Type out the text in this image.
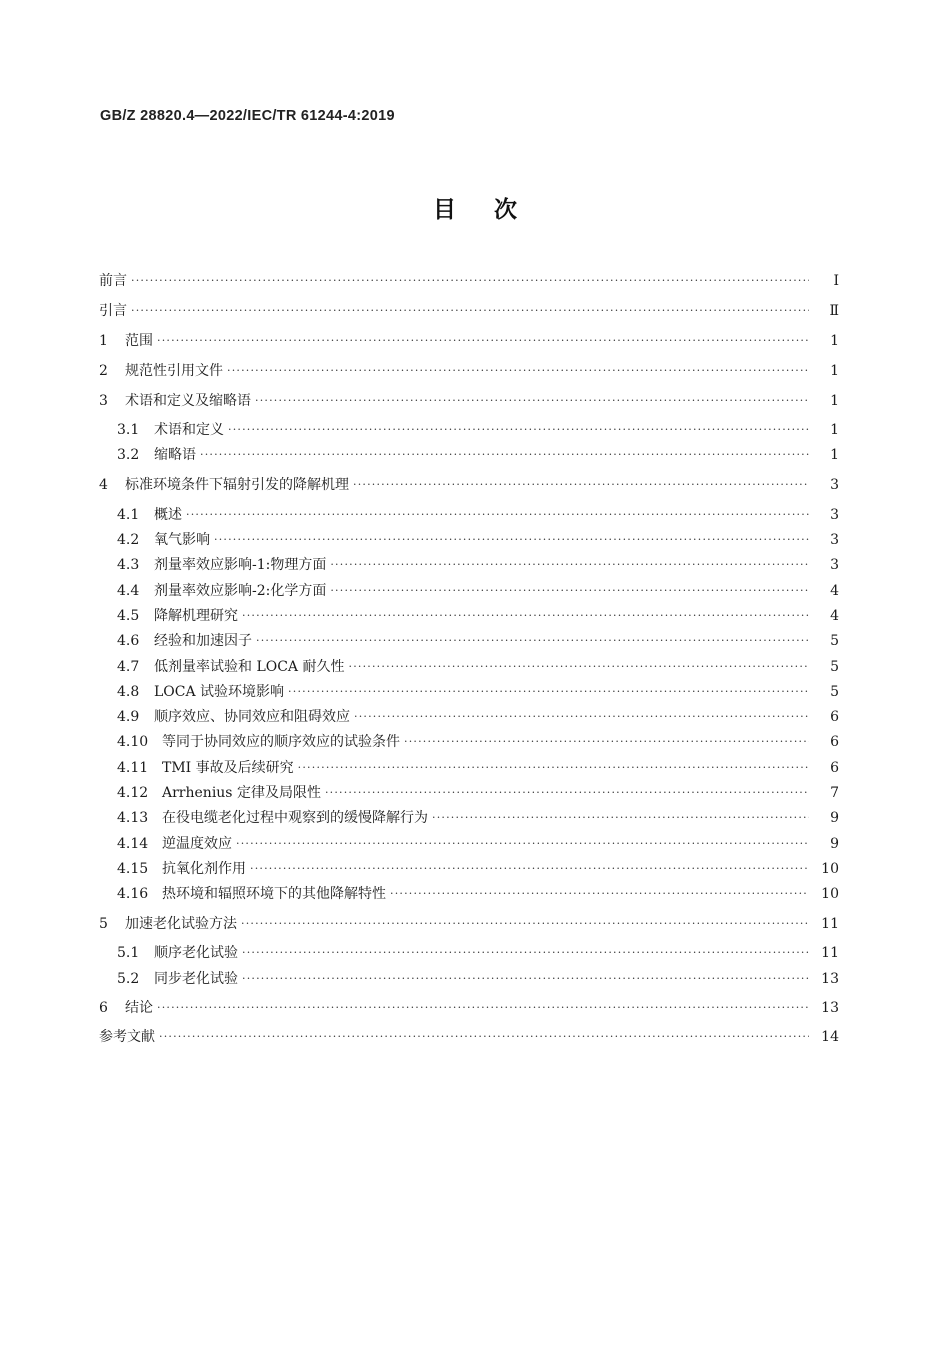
GB/Z 28820.4—2022/IEC/TR 61244-4:2019
目次
前言 ·····	Ⅰ
引言 ·····	Ⅱ
1	范围 ·····	1
2	规范性引用文件 ·····	1
3	术语和定义及缩略语 ·····	1
3.1	术语和定义 ·····	1
3.2	缩略语 ·····	1
4	标准环境条件下辐射引发的降解机理 ·····	3
4.1	概述 ·····	3
4.2	氧气影响 ·····	3
4.3	剂量率效应影响-1:物理方面 ·····	3
4.4	剂量率效应影响-2:化学方面 ·····	4
4.5	降解机理研究 ·····	4
4.6	经验和加速因子 ·····	5
4.7	低剂量率试验和 LOCA 耐久性 ·····	5
4.8	LOCA 试验环境影响 ·····	5
4.9	顺序效应、协同效应和阻碍效应 ·····	6
4.10 等同于协同效应的顺序效应的试验条件 ·····	6
4.11 TMI 事故及后续研究 ·····	6
4.12 Arrhenius 定律及局限性 ·····	7
4.13 在役电缆老化过程中观察到的缓慢降解行为 ·····	9
4.14 逆温度效应 ·····	9
4.15 抗氧化剂作用 ·····	10
4.16 热环境和辐照环境下的其他降解特性 ·····	10
5	加速老化试验方法 ·····	11
5.1	顺序老化试验 ·····	11
5.2	同步老化试验 ·····	13
6	结论 ·····	13
参考文献 ·····	14
